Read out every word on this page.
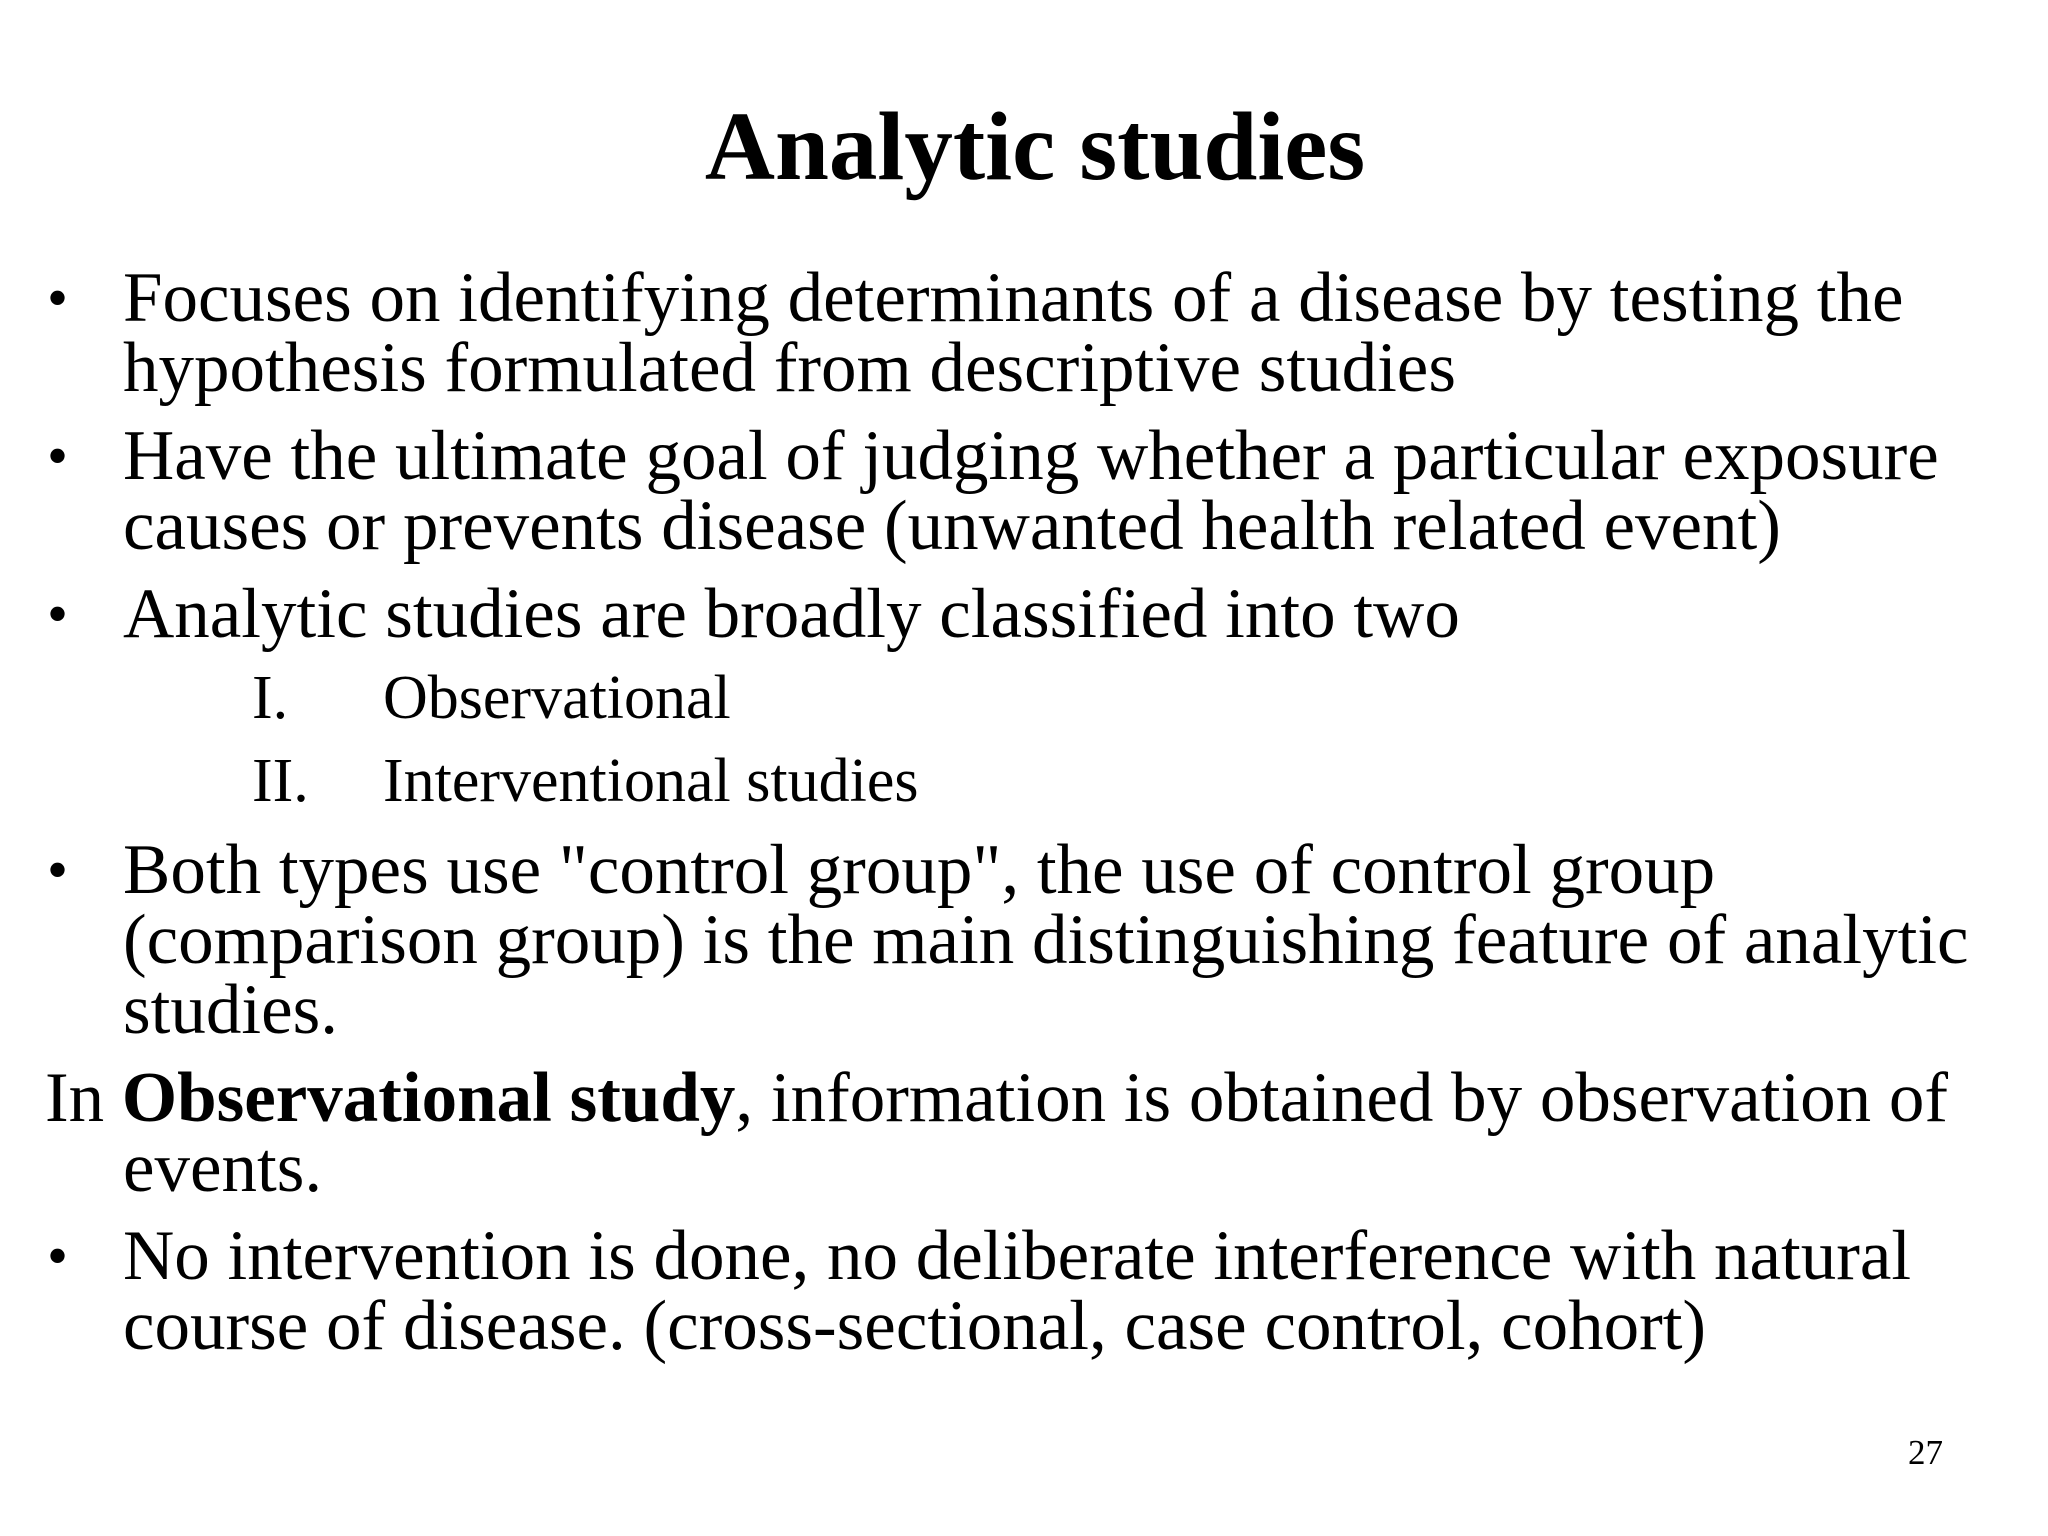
Analytic studies
• Focuses on identifying determinants of a disease by testing the
hypothesis formulated from descriptive studies
• Have the ultimate goal of judging whether a particular exposure
causes or prevents disease (unwanted health related event)
• Analytic studies are broadly classified into two
I. Observational
II. Interventional studies
• Both types use "control group", the use of control group
(comparison group) is the main distinguishing feature of analytic
studies.
In Observational study, information is obtained by observation of
events.
• No intervention is done, no deliberate interference with natural
course of disease. (cross-sectional, case control, cohort)
27
